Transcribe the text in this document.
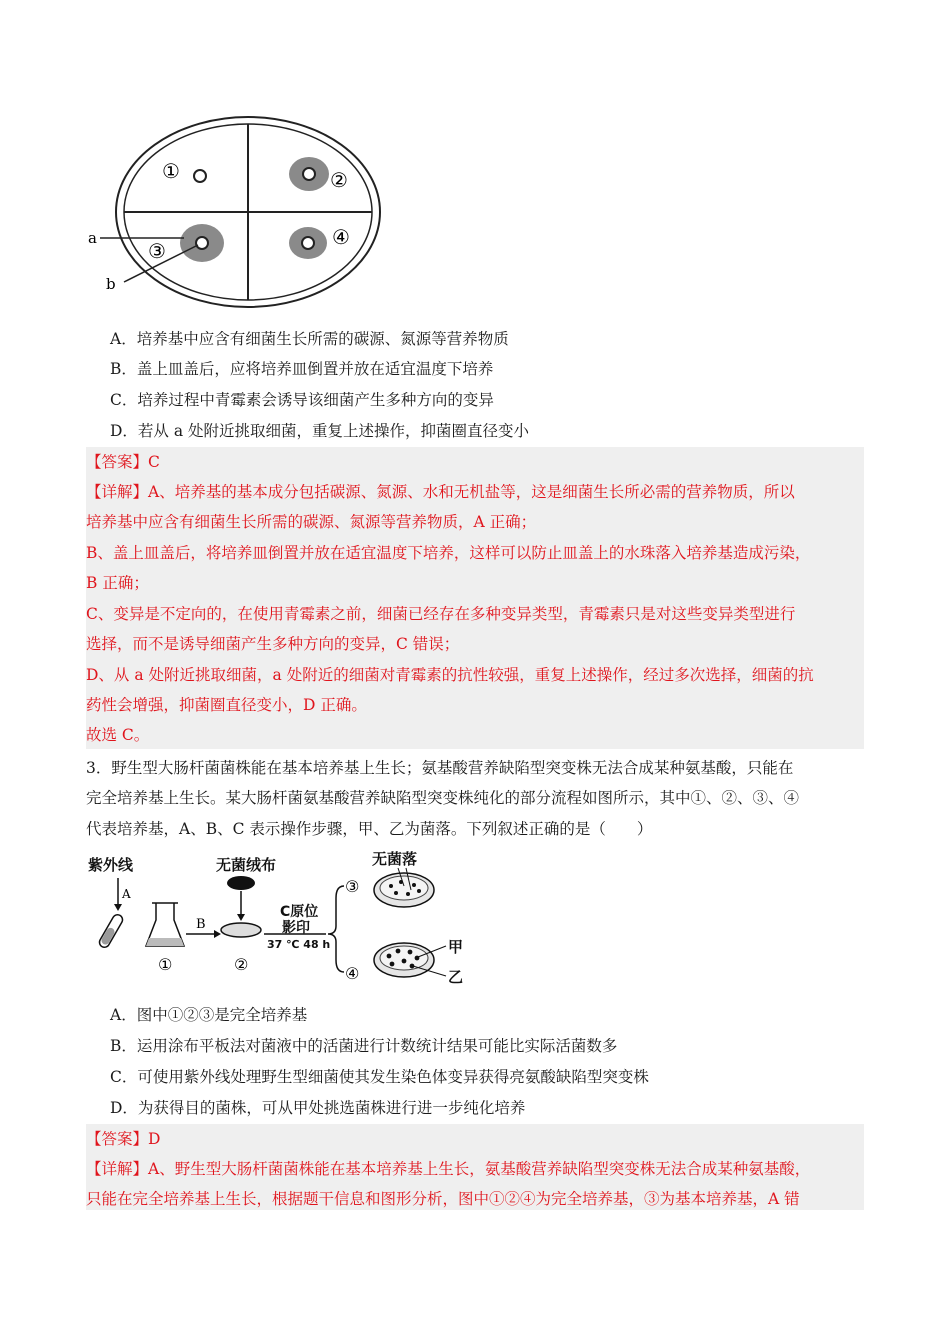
①	②
③
④
a
b
A．培养基中应含有细菌生长所需的碳源、氮源等营养物质
B．盖上皿盖后，应将培养皿倒置并放在适宜温度下培养
C．培养过程中青霉素会诱导该细菌产生多种方向的变异
D．若从 a 处附近挑取细菌，重复上述操作，抑菌圈直径变小
【答案】C
【详解】A、培养基的基本成分包括碳源、氮源、水和无机盐等，这是细菌生长所必需的营养物质，所以
培养基中应含有细菌生长所需的碳源、氮源等营养物质，A 正确；
B、盖上皿盖后，将培养皿倒置并放在适宜温度下培养，这样可以防止皿盖上的水珠落入培养基造成污染，
B 正确；
C、变异是不定向的，在使用青霉素之前，细菌已经存在多种变异类型，青霉素只是对这些变异类型进行
选择，而不是诱导细菌产生多种方向的变异，C 错误；
D、从 a 处附近挑取细菌，a 处附近的细菌对青霉素的抗性较强，重复上述操作，经过多次选择，细菌的抗
药性会增强，抑菌圈直径变小，D 正确。
故选 C。
3．野生型大肠杆菌菌株能在基本培养基上生长；氨基酸营养缺陷型突变株无法合成某种氨基酸，只能在
完全培养基上生长。某大肠杆菌氨基酸营养缺陷型突变株纯化的部分流程如图所示，其中①、②、③、④
代表培养基，A、B、C 表示操作步骤，甲、乙为菌落。下列叙述正确的是（　　）
紫外线	无菌绒布	无菌落
C原位
影印
37 ℃ 48 h	甲
乙
A
①
B
②
③
④
A．图中①②③是完全培养基
B．运用涂布平板法对菌液中的活菌进行计数统计结果可能比实际活菌数多
C．可使用紫外线处理野生型细菌使其发生染色体变异获得亮氨酸缺陷型突变株
D．为获得目的菌株，可从甲处挑选菌株进行进一步纯化培养
【答案】D
【详解】A、野生型大肠杆菌菌株能在基本培养基上生长，氨基酸营养缺陷型突变株无法合成某种氨基酸，
只能在完全培养基上生长，根据题干信息和图形分析，图中①②④为完全培养基，③为基本培养基，A 错
